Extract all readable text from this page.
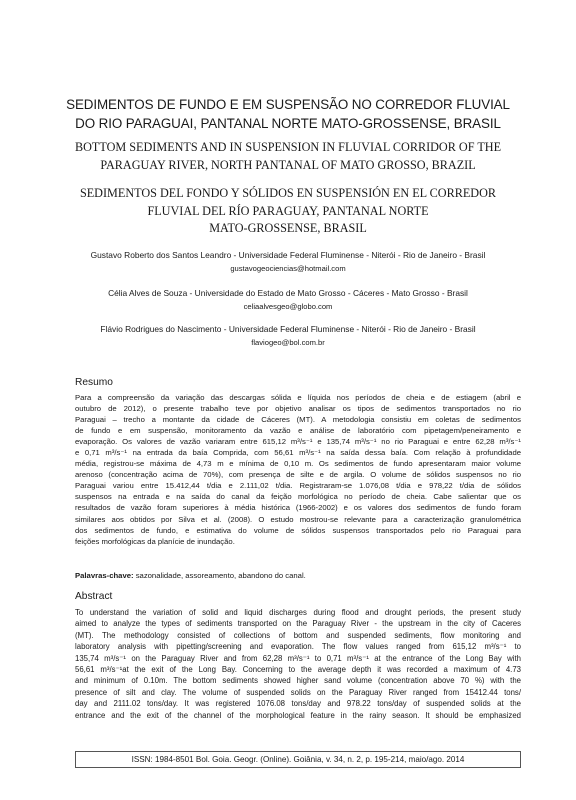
SEDIMENTOS DE FUNDO E EM SUSPENSÃO NO CORREDOR FLUVIAL
DO RIO PARAGUAI, PANTANAL NORTE MATO-GROSSENSE, BRASIL
BOTTOM SEDIMENTS AND IN SUSPENSION IN FLUVIAL CORRIDOR OF THE
PARAGUAY RIVER, NORTH PANTANAL OF MATO GROSSO, BRAZIL
SEDIMENTOS DEL FONDO Y SÓLIDOS EN SUSPENSIÓN EN EL CORREDOR
FLUVIAL DEL RÍO PARAGUAY, PANTANAL NORTE
MATO-GROSSENSE, BRASIL
Gustavo Roberto dos Santos Leandro - Universidade Federal Fluminense - Niterói - Rio de Janeiro - Brasil
gustavogeociencias@hotmail.com
Célia Alves de Souza - Universidade do Estado de Mato Grosso - Cáceres - Mato Grosso - Brasil
celiaalvesgeo@globo.com
Flávio Rodrigues do Nascimento - Universidade Federal Fluminense - Niterói - Rio de Janeiro - Brasil
flaviogeo@bol.com.br
Resumo
Para a compreensão da variação das descargas sólida e líquida nos períodos de cheia e de estiagem (abril e
outubro de 2012), o presente trabalho teve por objetivo analisar os tipos de sedimentos transportados no rio
Paraguai – trecho a montante da cidade de Cáceres (MT). A metodologia consistiu em coletas de sedimentos
de fundo e em suspensão, monitoramento da vazão e análise de laboratório com pipetagem/peneiramento e
evaporação. Os valores de vazão variaram entre 615,12 m³/s⁻¹ e 135,74 m³/s⁻¹ no rio Paraguai e entre 62,28 m³/s⁻¹
e 0,71 m³/s⁻¹ na entrada da baía Comprida, com 56,61 m³/s⁻¹ na saída dessa baía. Com relação à profundidade
média, registrou-se máxima de 4,73 m e mínima de 0,10 m. Os sedimentos de fundo apresentaram maior volume
arenoso (concentração acima de 70%), com presença de silte e de argila. O volume de sólidos suspensos no rio
Paraguai variou entre 15.412,44 t/dia e 2.111,02 t/dia. Registraram-se 1.076,08 t/dia e 978,22 t/dia de sólidos
suspensos na entrada e na saída do canal da feição morfológica no período de cheia. Cabe salientar que os
resultados de vazão foram superiores à média histórica (1966-2002) e os valores dos sedimentos de fundo foram
similares aos obtidos por Silva et al. (2008). O estudo mostrou-se relevante para a caracterização granulométrica
dos sedimentos de fundo, e estimativa do volume de sólidos suspensos transportados pelo rio Paraguai para
feições morfológicas da planície de inundação.
Palavras-chave: sazonalidade, assoreamento, abandono do canal.
Abstract
To understand the variation of solid and liquid discharges during flood and drought periods, the present study
aimed to analyze the types of sediments transported on the Paraguay River - the upstream in the city of Caceres
(MT). The methodology consisted of collections of bottom and suspended sediments, flow monitoring and
laboratory analysis with pipetting/screening and evaporation. The flow values ranged from 615,12 m³/s⁻¹ to
135,74 m³/s⁻¹ on the Paraguay River and from 62,28 m³/s⁻¹ to 0,71 m³/s⁻¹ at the entrance of the Long Bay with
56,61 m³/s⁻¹at the exit of the Long Bay. Concerning to the average depth it was recorded a maximum of 4.73
and minimum of 0.10m. The bottom sediments showed higher sand volume (concentration above 70 %) with the
presence of silt and clay. The volume of suspended solids on the Paraguay River ranged from 15412.44 tons/
day and 2111.02 tons/day. It was registered 1076.08 tons/day and 978.22 tons/day of suspended solids at the
entrance and the exit of the channel of the morphological feature in the rainy season. It should be emphasized
ISSN: 1984-8501 Bol. Goia. Geogr. (Online). Goiânia, v. 34, n. 2, p. 195-214, maio/ago. 2014
